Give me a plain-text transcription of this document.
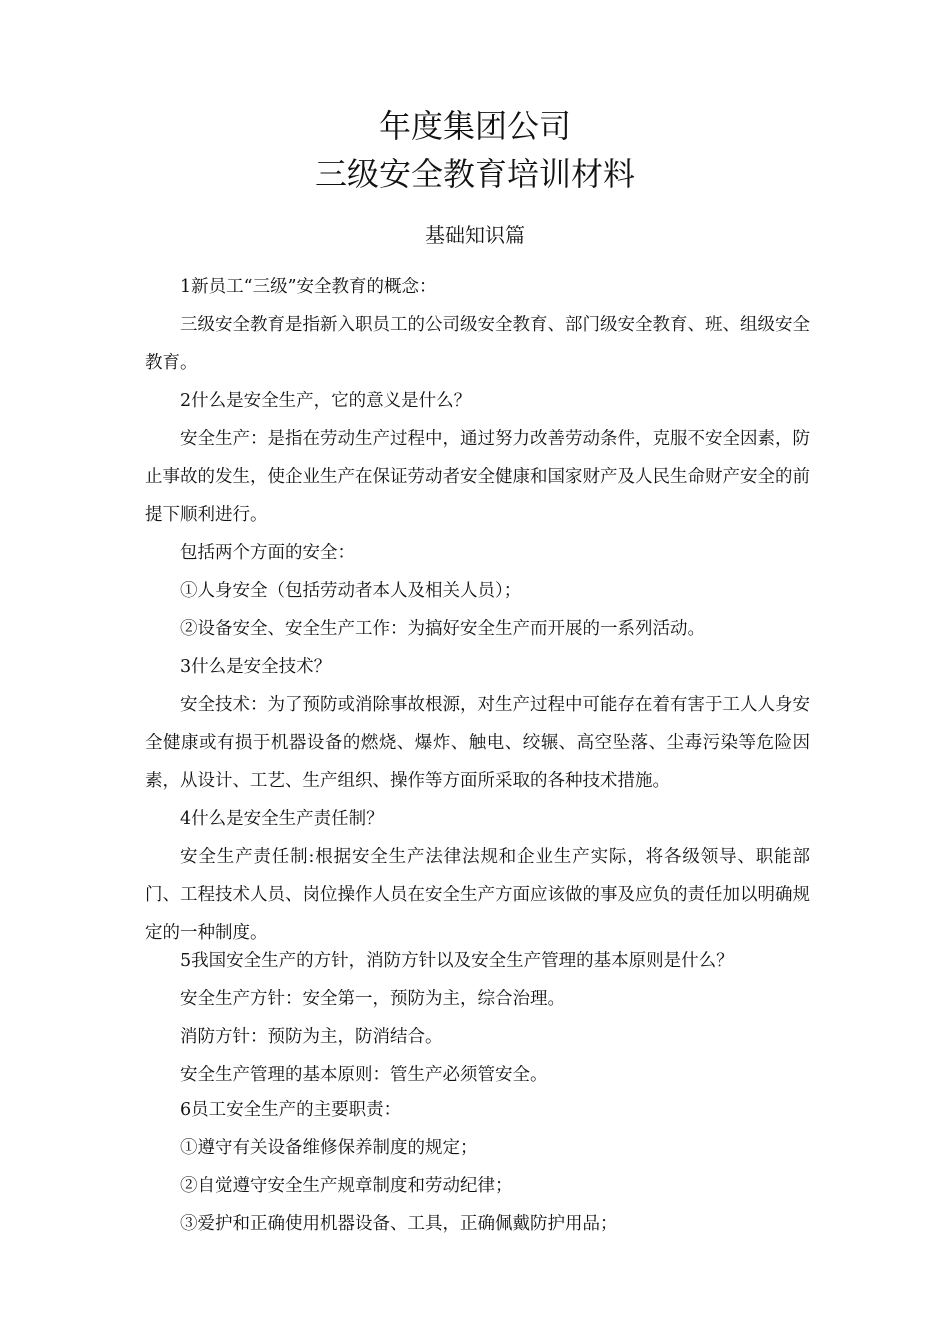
年度集团公司
三级安全教育培训材料
基础知识篇

1新员工“三级”安全教育的概念：

三级安全教育是指新入职员工的公司级安全教育、部门级安全教育、班、组级安全教育。

2什么是安全生产，它的意义是什么？

安全生产：是指在劳动生产过程中，通过努力改善劳动条件，克服不安全因素，防止事故的发生，使企业生产在保证劳动者安全健康和国家财产及人民生命财产安全的前提下顺利进行。

包括两个方面的安全：

①人身安全（包括劳动者本人及相关人员）；

②设备安全、安全生产工作：为搞好安全生产而开展的一系列活动。

3什么是安全技术？

安全技术：为了预防或消除事故根源，对生产过程中可能存在着有害于工人人身安全健康或有损于机器设备的燃烧、爆炸、触电、绞辗、高空坠落、尘毒污染等危险因素，从设计、工艺、生产组织、操作等方面所采取的各种技术措施。

4什么是安全生产责任制？

安全生产责任制:根据安全生产法律法规和企业生产实际，将各级领导、职能部门、工程技术人员、岗位操作人员在安全生产方面应该做的事及应负的责任加以明确规定的一种制度。

5我国安全生产的方针，消防方针以及安全生产管理的基本原则是什么？

安全生产方针：安全第一，预防为主，综合治理。

消防方针：预防为主，防消结合。

安全生产管理的基本原则：管生产必须管安全。

6员工安全生产的主要职责：

①遵守有关设备维修保养制度的规定；

②自觉遵守安全生产规章制度和劳动纪律；

③爱护和正确使用机器设备、工具，正确佩戴防护用品；
